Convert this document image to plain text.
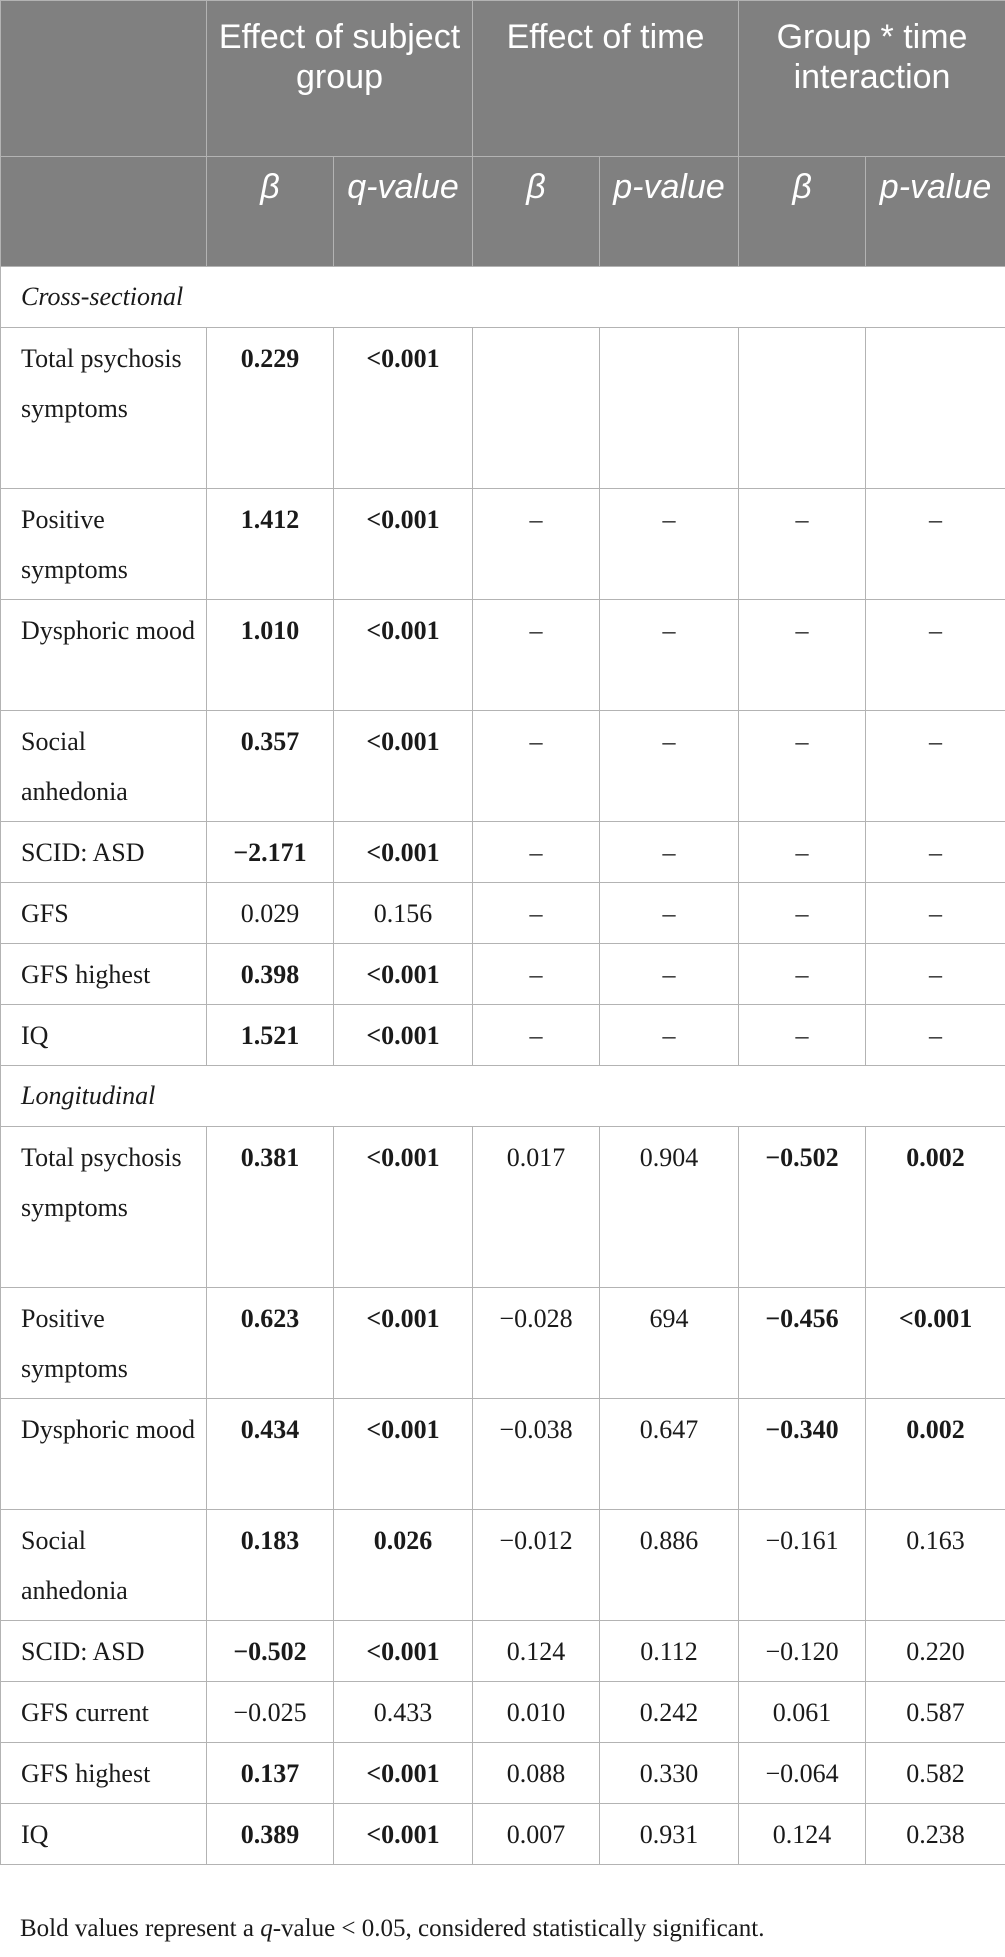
	Effect of subject group		Effect of time		Group * time interaction	
	β	q-value	β	p-value	β	p-value
Cross-sectional						
Total psychosis symptoms	0.229	<0.001				
Positive symptoms	1.412	<0.001	–	–	–	–
Dysphoric mood	1.010	<0.001	–	–	–	–
Social anhedonia	0.357	<0.001	–	–	–	–
SCID: ASD	−2.171	<0.001	–	–	–	–
GFS	0.029	0.156	–	–	–	–
GFS highest	0.398	<0.001	–	–	–	–
IQ	1.521	<0.001	–	–	–	–
Longitudinal						
Total psychosis symptoms	0.381	<0.001	0.017	0.904	−0.502	0.002
Positive symptoms	0.623	<0.001	−0.028	694	−0.456	<0.001
Dysphoric mood	0.434	<0.001	−0.038	0.647	−0.340	0.002
Social anhedonia	0.183	0.026	−0.012	0.886	−0.161	0.163
SCID: ASD	−0.502	<0.001	0.124	0.112	−0.120	0.220
GFS current	−0.025	0.433	0.010	0.242	0.061	0.587
GFS highest	0.137	<0.001	0.088	0.330	−0.064	0.582
IQ	0.389	<0.001	0.007	0.931	0.124	0.238
Bold values represent a q-value < 0.05, considered statistically significant.
